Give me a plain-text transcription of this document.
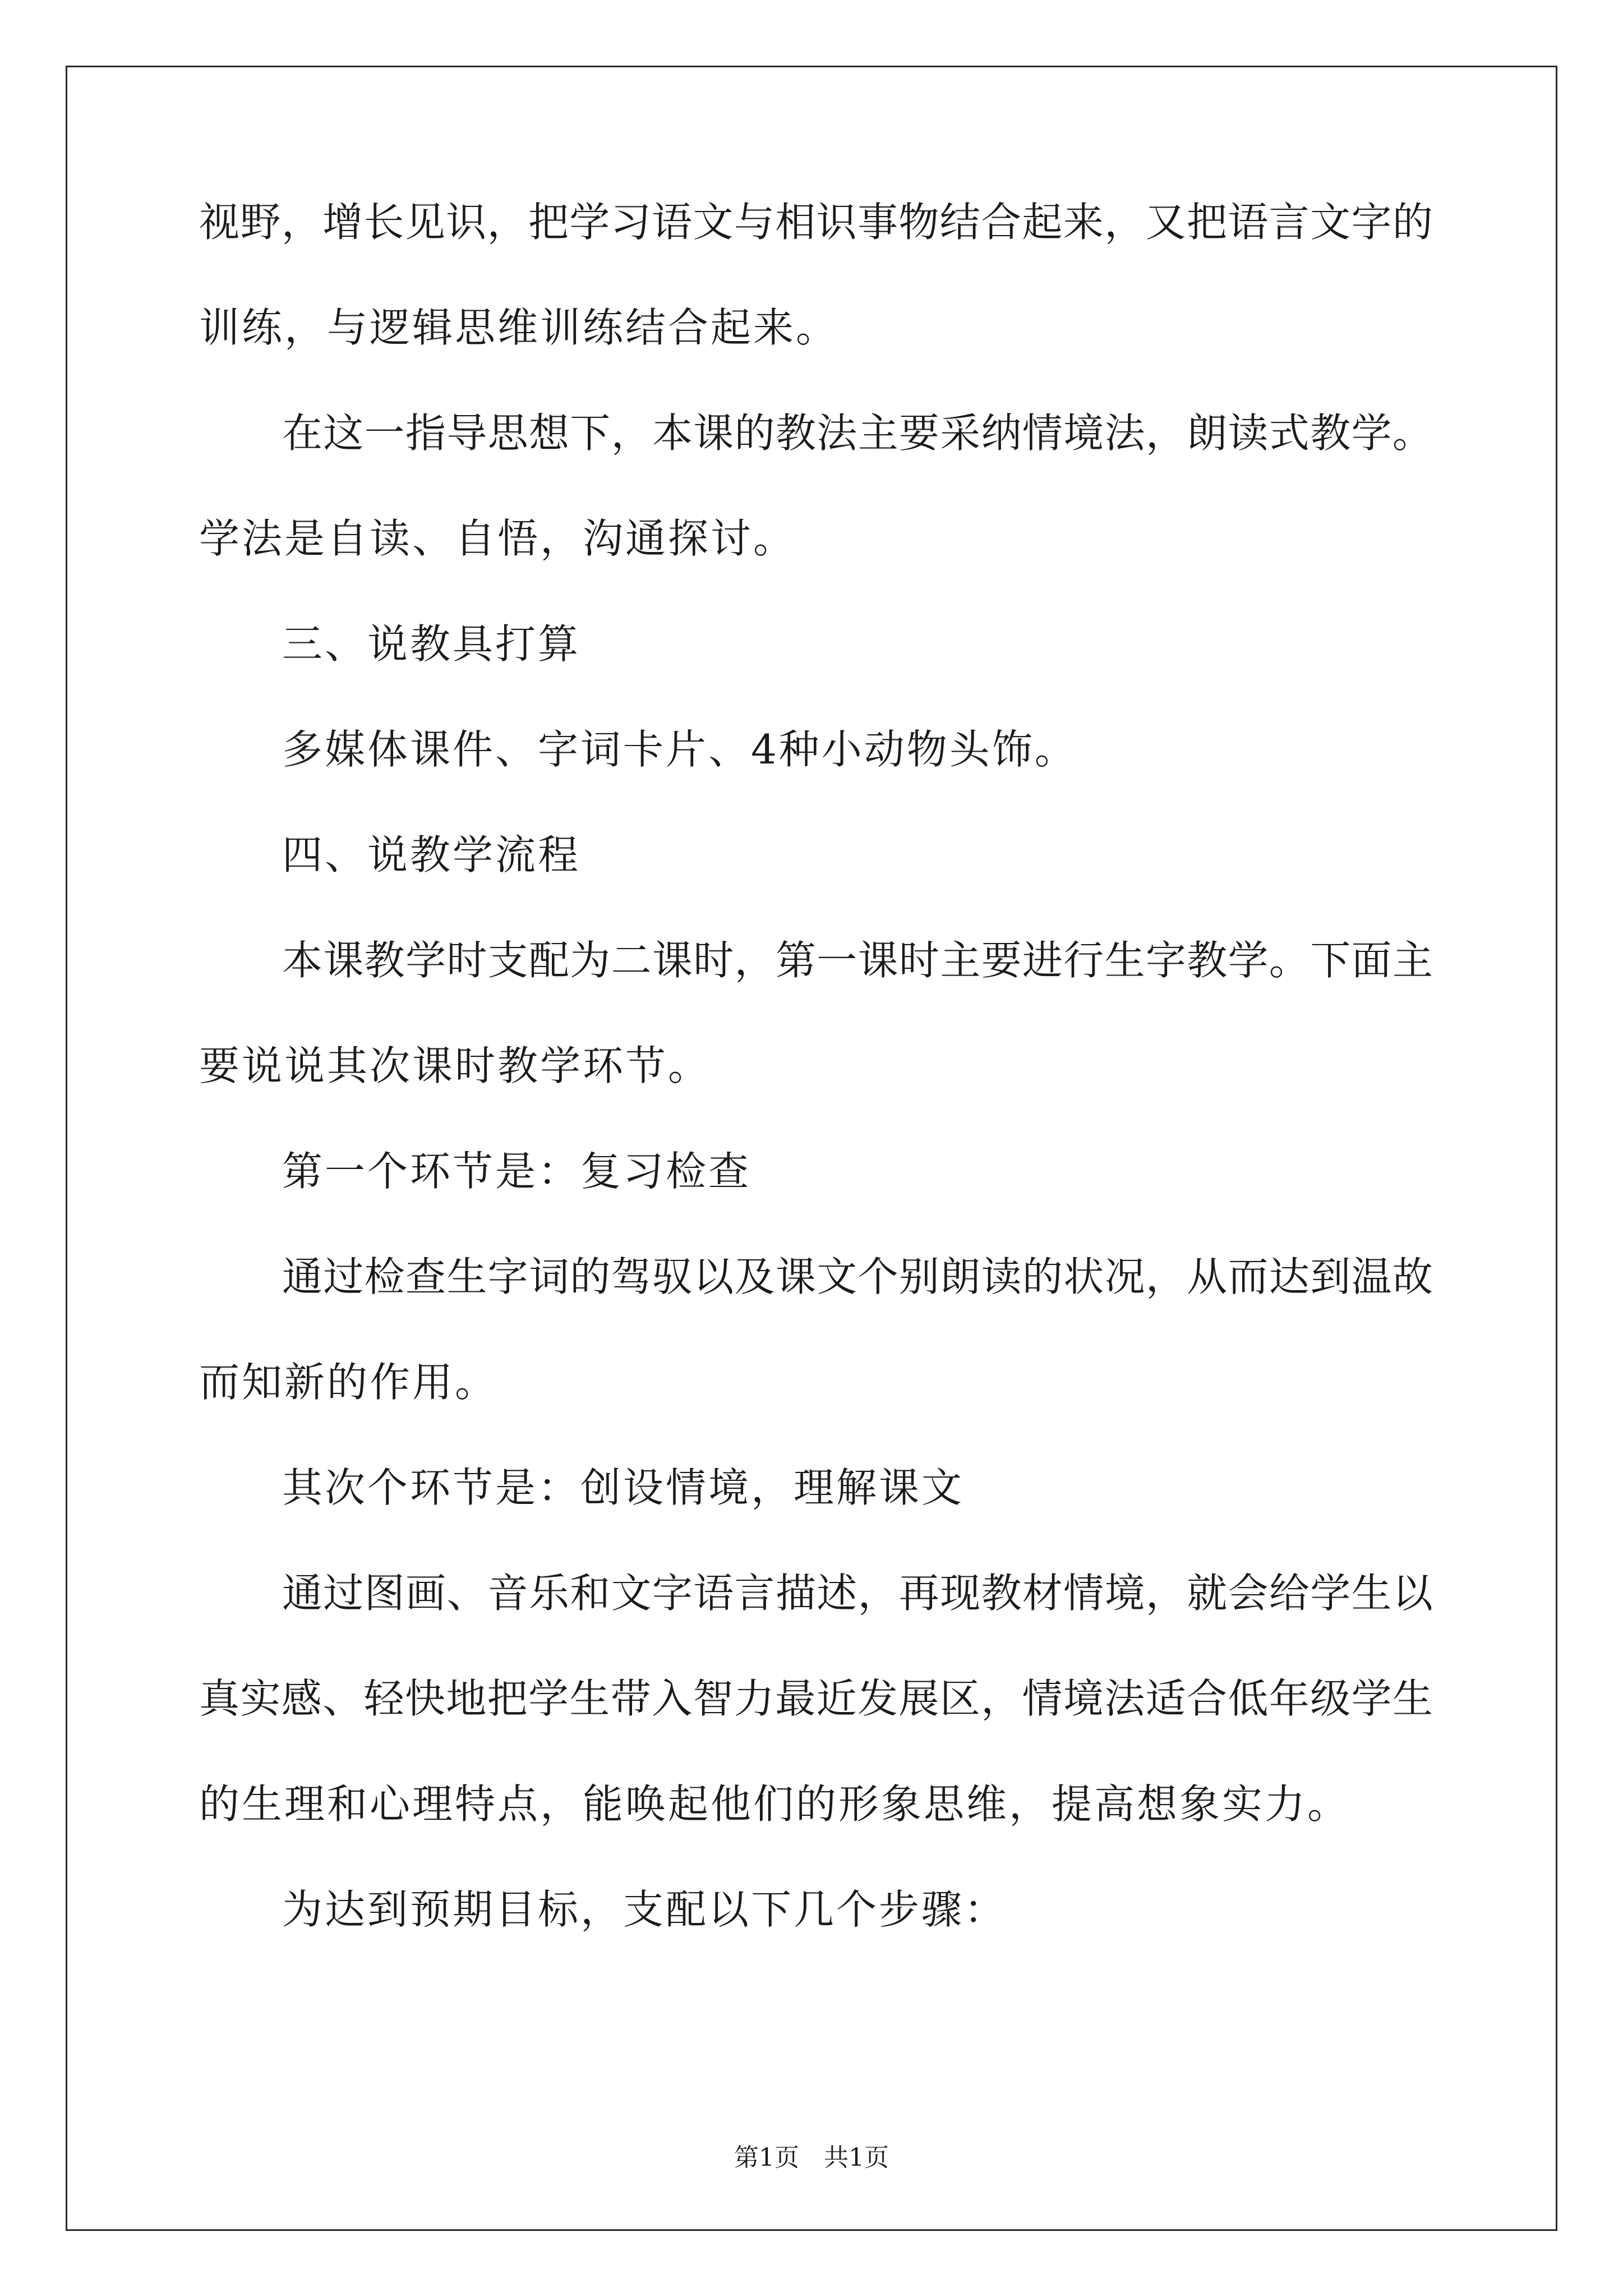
视 野 ， 增 长 见 识 ， 把 学 习 语 文 与 相 识 事 物 结 合 起 来 ， 又 把 语 言 文 字 的
训练，与逻辑思维训练结合起来。
在 这 一 指 导 思 想 下 ， 本 课 的 教 法 主 要 采 纳 情 境 法 ， 朗 读 式 教 学 。
学法是自读、自悟，沟通探讨。
三、说教具打算
多媒体课件、字词卡片、4种小动物头饰。
四、说教学流程
本 课 教 学 时 支 配 为 二 课 时 ， 第 一 课 时 主 要 进 行 生 字 教 学 。 下 面 主
要说说其次课时教学环节。
第一个环节是：复习检查
通 过 检 查 生 字 词 的 驾 驭 以 及 课 文 个 别 朗 读 的 状 况 ， 从 而 达 到 温 故
而知新的作用。
其次个环节是：创设情境，理解课文
通 过 图 画 、 音 乐 和 文 字 语 言 描 述 ， 再 现 教 材 情 境 ， 就 会 给 学 生 以
真 实 感 、 轻 快 地 把 学 生 带 入 智 力 最 近 发 展 区 ， 情 境 法 适 合 低 年 级 学 生
的生理和心理特点，能唤起他们的形象思维，提高想象实力。
为达到预期目标，支配以下几个步骤：
第1页　共1页
